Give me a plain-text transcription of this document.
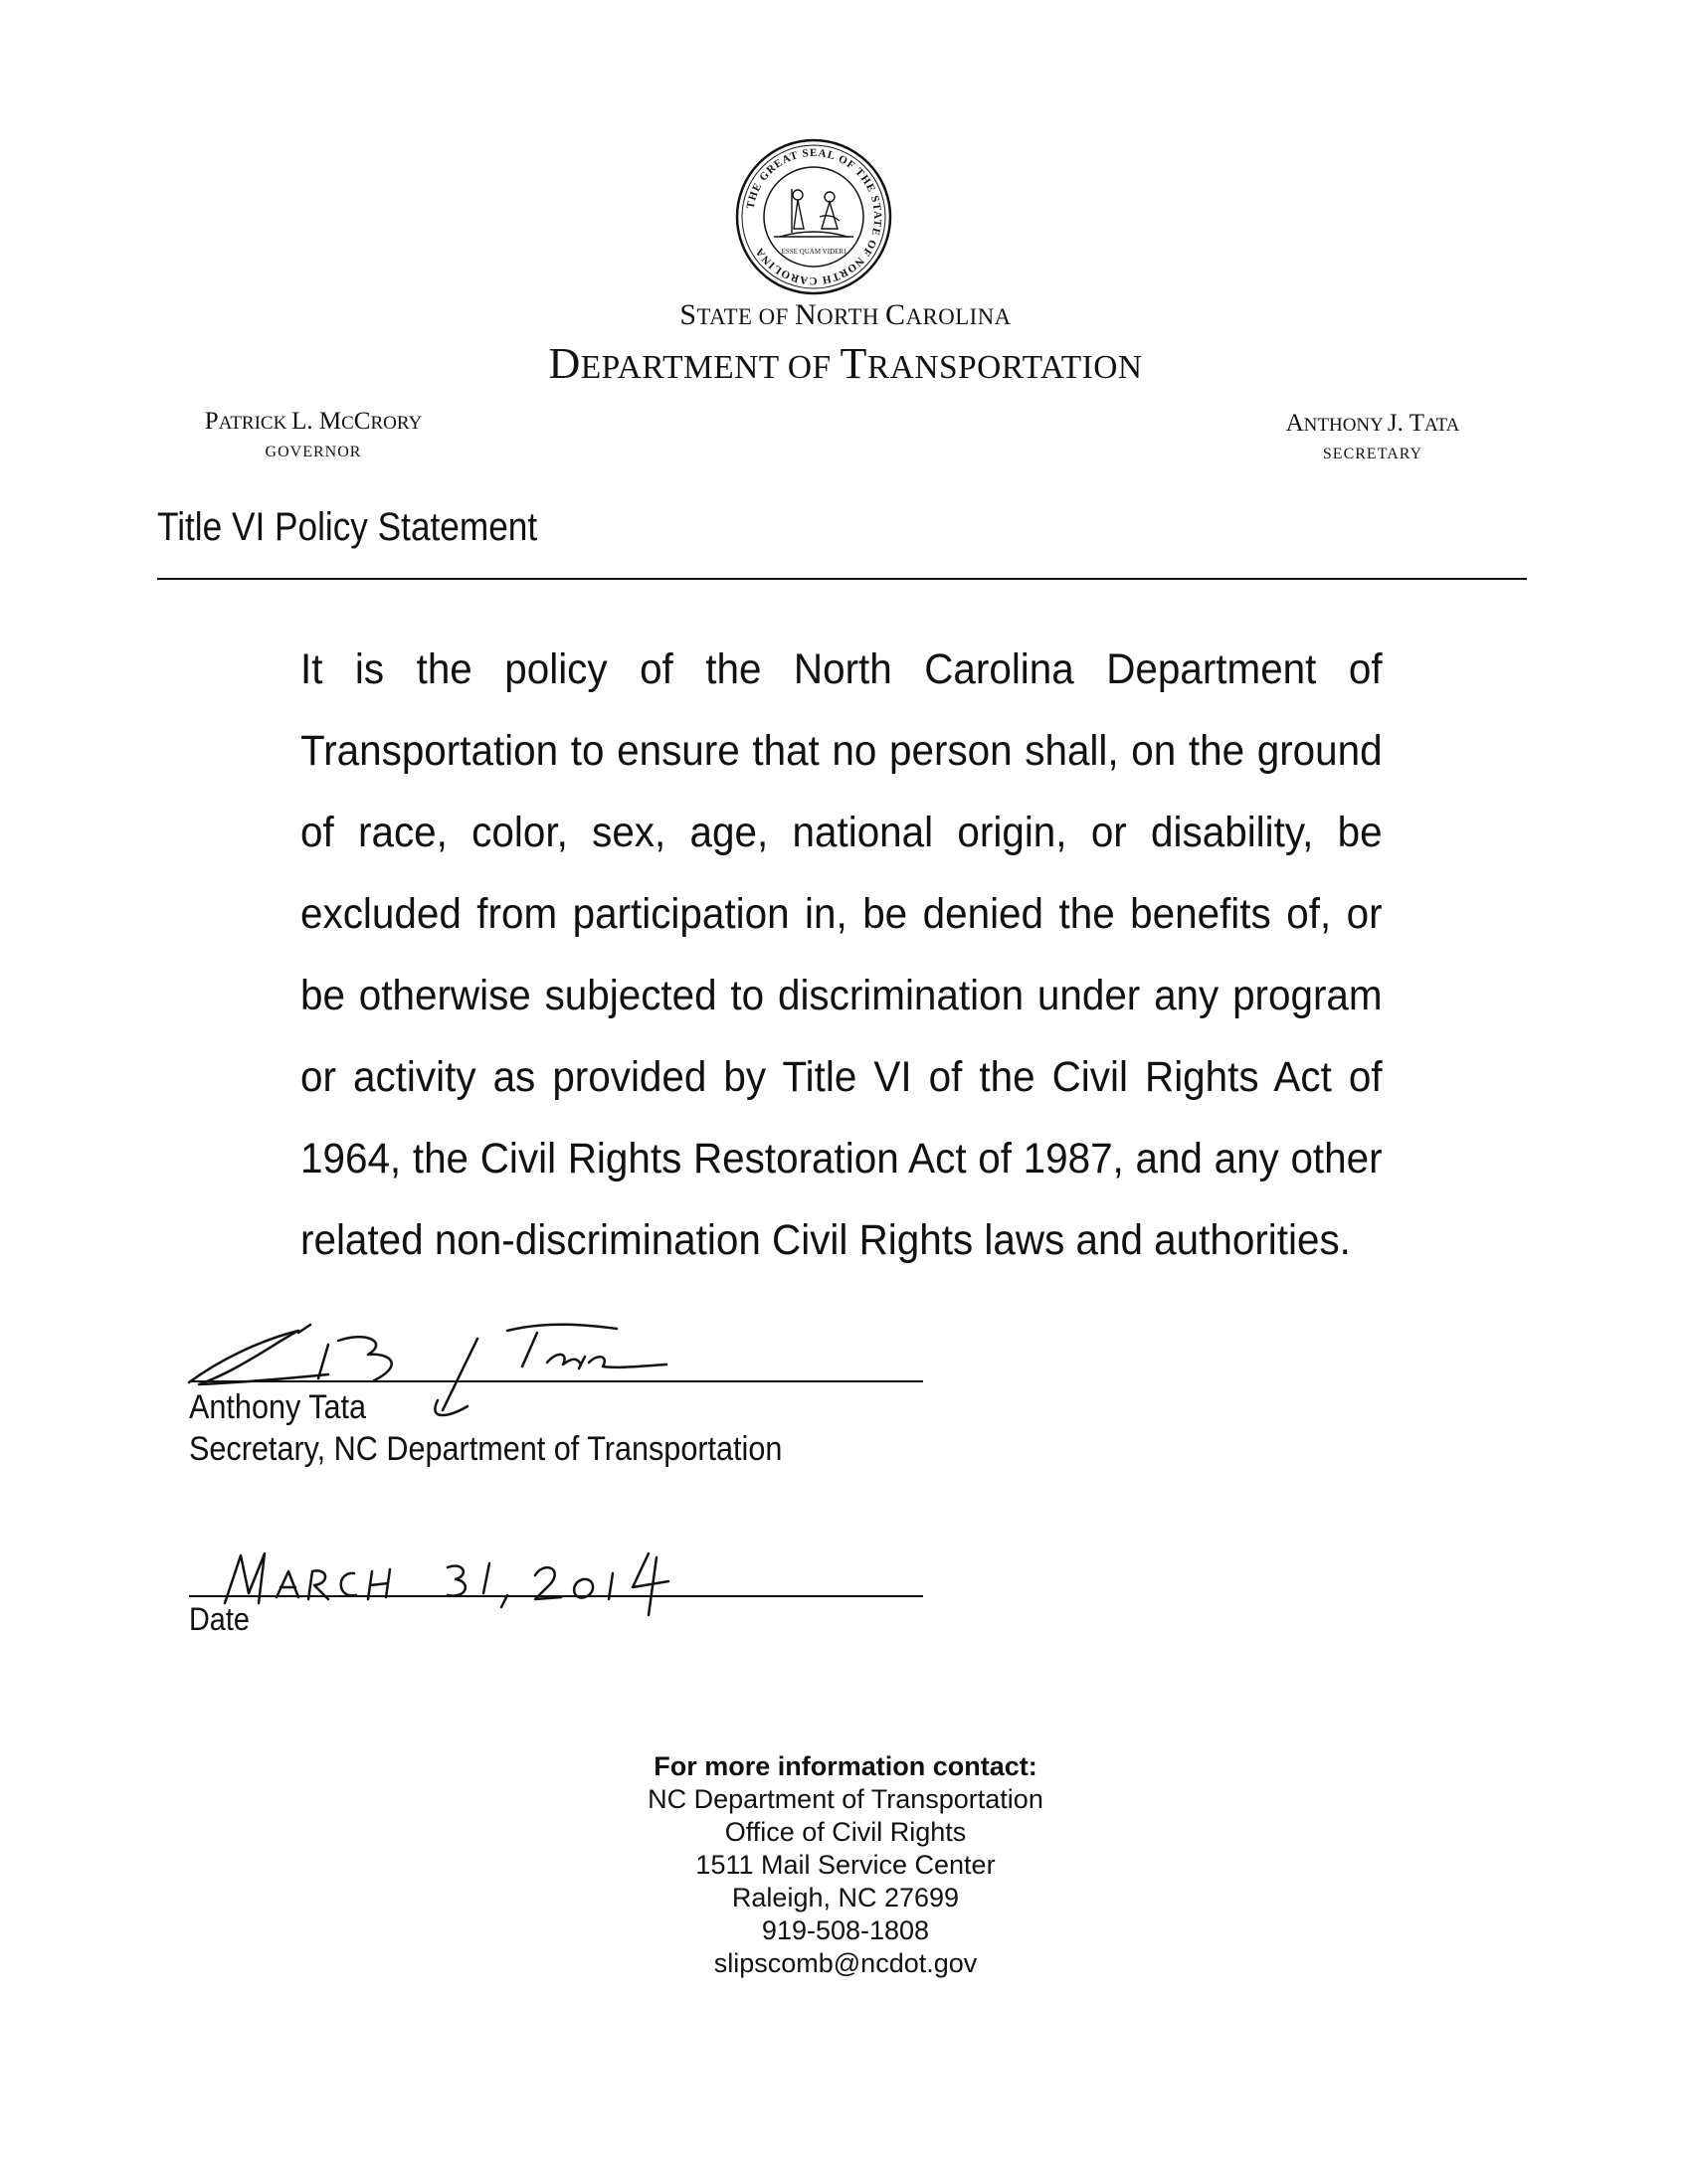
THE GREAT SEAL OF THE STATE OF NORTH CAROLINA	ESSE QUAM VIDERI
STATE OF NORTH CAROLINA
DEPARTMENT OF TRANSPORTATION
PATRICK L. MCCRORY
GOVERNOR
ANTHONY J. TATA
SECRETARY
Title VI Policy Statement
It is the policy of the North Carolina Department of Transportation to ensure that no person shall, on the ground of race, color, sex, age, national origin, or disability, be excluded from participation in, be denied the benefits of, or be otherwise subjected to discrimination under any program or activity as provided by Title VI of the Civil Rights Act of 1964, the Civil Rights Restoration Act of 1987, and any other related non-discrimination Civil Rights laws and authorities.
Anthony Tata
Secretary, NC Department of Transportation
Date
For more information contact:
NC Department of Transportation
Office of Civil Rights
1511 Mail Service Center
Raleigh, NC 27699
919-508-1808
slipscomb@ncdot.gov
